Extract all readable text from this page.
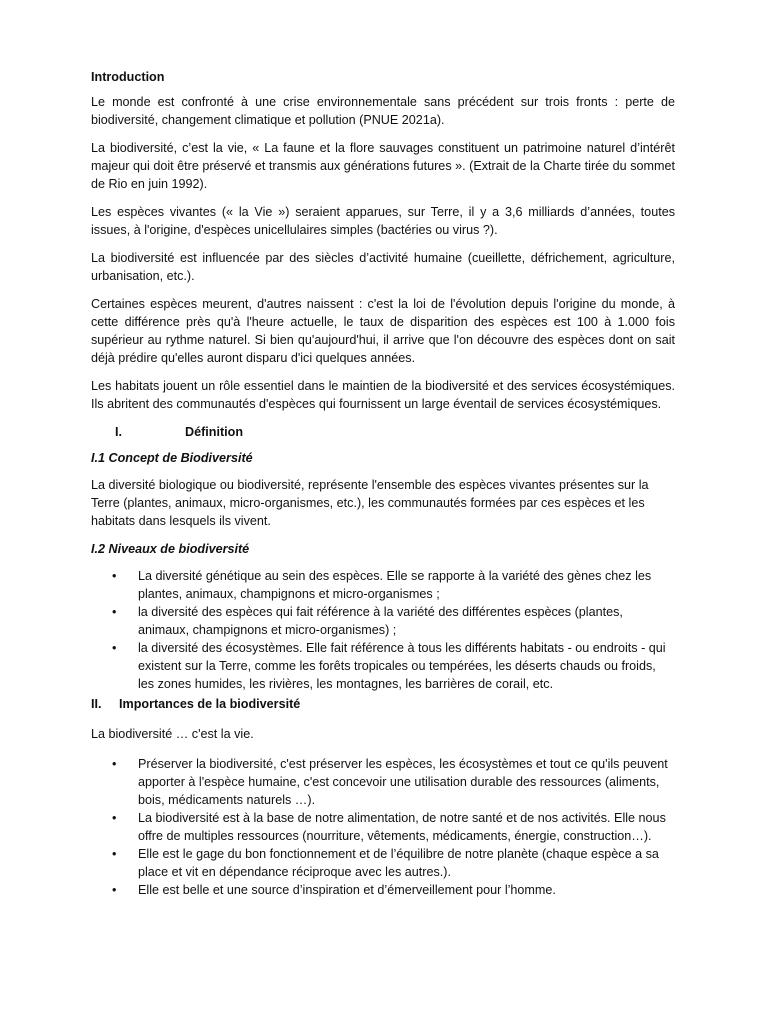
Introduction

Le monde est confronté à une crise environnementale sans précédent sur trois fronts : perte de biodiversité, changement climatique et pollution (PNUE 2021a).

La biodiversité, c’est la vie, « La faune et la flore sauvages constituent un patrimoine naturel d’intérêt majeur qui doit être préservé et transmis aux générations futures ». (Extrait de la Charte tirée du sommet de Rio en juin 1992).

Les espèces vivantes (« la Vie ») seraient apparues, sur Terre, il y a 3,6 milliards d’années, toutes issues, à l'origine, d'espèces unicellulaires simples (bactéries ou virus ?).

La biodiversité est influencée par des siècles d’activité humaine (cueillette, défrichement, agriculture, urbanisation, etc.).

Certaines espèces meurent, d'autres naissent : c'est la loi de l'évolution depuis l'origine du monde, à cette différence près qu'à l'heure actuelle, le taux de disparition des espèces est 100 à 1.000 fois supérieur au rythme naturel. Si bien qu'aujourd'hui, il arrive que l'on découvre des espèces dont on sait déjà prédire qu'elles auront disparu d'ici quelques années.

Les habitats jouent un rôle essentiel dans le maintien de la biodiversité et des services écosystémiques. Ils abritent des communautés d'espèces qui fournissent un large éventail de services écosystémiques.

I.	Définition
I.1 Concept de Biodiversité

La diversité biologique ou biodiversité, représente l'ensemble des espèces vivantes présentes sur la Terre (plantes, animaux, micro-organismes, etc.), les communautés formées par ces espèces et les habitats dans lesquels ils vivent.

I.2 Niveaux de biodiversité
• La diversité génétique au sein des espèces. Elle se rapporte à la variété des gènes chez les plantes, animaux, champignons et micro-organismes ;
• la diversité des espèces qui fait référence à la variété des différentes espèces (plantes, animaux, champignons et micro-organismes) ;
• la diversité des écosystèmes. Elle fait référence à tous les différents habitats - ou endroits - qui existent sur la Terre, comme les forêts tropicales ou tempérées, les déserts chauds ou froids, les zones humides, les rivières, les montagnes, les barrières de corail, etc.
II.	Importances de la biodiversité

La biodiversité … c'est la vie.

• Préserver la biodiversité, c'est préserver les espèces, les écosystèmes et tout ce qu'ils peuvent apporter à l'espèce humaine, c'est concevoir une utilisation durable des ressources (aliments, bois, médicaments naturels …).
• La biodiversité est à la base de notre alimentation, de notre santé et de nos activités. Elle nous offre de multiples ressources (nourriture, vêtements, médicaments, énergie, construction…).
• Elle est le gage du bon fonctionnement et de l’équilibre de notre planète (chaque espèce a sa place et vit en dépendance réciproque avec les autres.).
• Elle est belle et une source d’inspiration et d’émerveillement pour l’homme.
